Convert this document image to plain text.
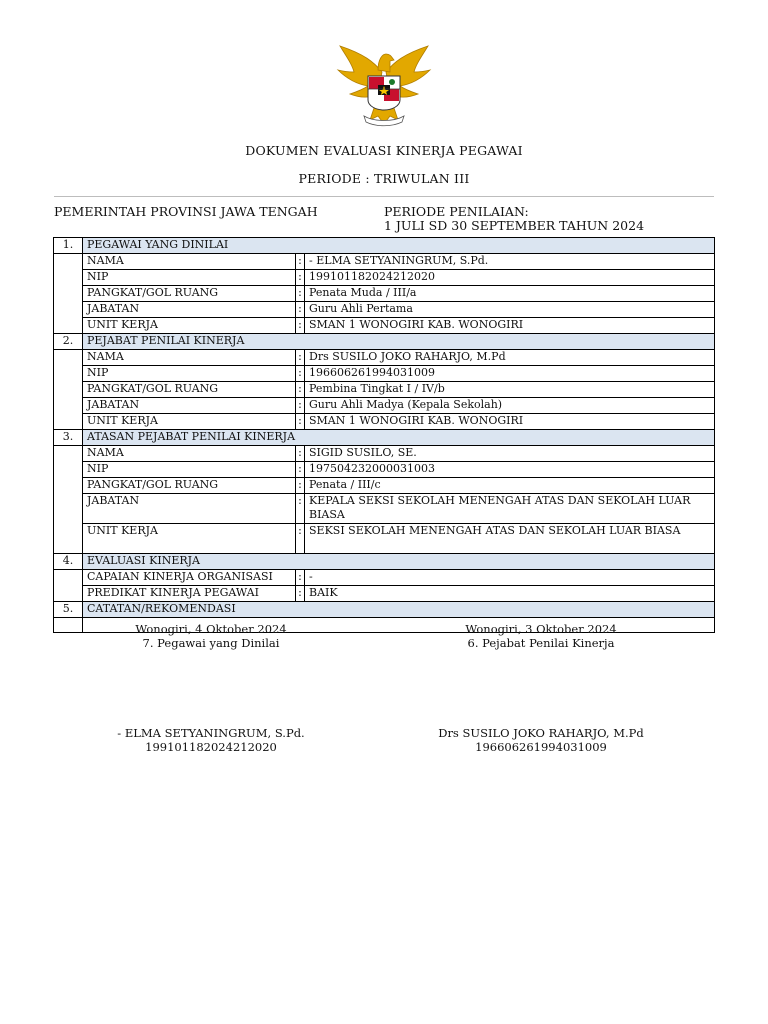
DOKUMEN EVALUASI KINERJA PEGAWAI
PERIODE : TRIWULAN III
PEMERINTAH PROVINSI JAWA TENGAH	PERIODE PENILAIAN:
1 JULI SD 30 SEPTEMBER TAHUN 2024
1.	PEGAWAI YANG DINILAI		
	NAMA	:	- ELMA SETYANINGRUM, S.Pd.
	NIP	:	199101182024212020
	PANGKAT/GOL RUANG	:	Penata Muda / III/a
	JABATAN	:	Guru Ahli Pertama
	UNIT KERJA	:	SMAN 1 WONOGIRI KAB. WONOGIRI
2.	PEJABAT PENILAI KINERJA		
	NAMA	:	Drs SUSILO JOKO RAHARJO, M.Pd
	NIP	:	196606261994031009
	PANGKAT/GOL RUANG	:	Pembina Tingkat I / IV/b
	JABATAN	:	Guru Ahli Madya (Kepala Sekolah)
	UNIT KERJA	:	SMAN 1 WONOGIRI KAB. WONOGIRI
3.	ATASAN PEJABAT PENILAI KINERJA		
	NAMA	:	SIGID SUSILO, SE.
	NIP	:	197504232000031003
	PANGKAT/GOL RUANG	:	Penata / III/c
	JABATAN	:	KEPALA SEKSI SEKOLAH MENENGAH ATAS DAN SEKOLAH LUAR BIASA
	UNIT KERJA	:	SEKSI SEKOLAH MENENGAH ATAS DAN SEKOLAH LUAR BIASA
4.	EVALUASI KINERJA		
	CAPAIAN KINERJA ORGANISASI	:	-
	PREDIKAT KINERJA PEGAWAI	:	BAIK
5.	CATATAN/REKOMENDASI		

Wonogiri, 4 Oktober 2024
7. Pegawai yang Dinilai
Wonogiri, 3 Oktober 2024
6. Pejabat Penilai Kinerja
- ELMA SETYANINGRUM, S.Pd.
199101182024212020
Drs SUSILO JOKO RAHARJO, M.Pd
196606261994031009
